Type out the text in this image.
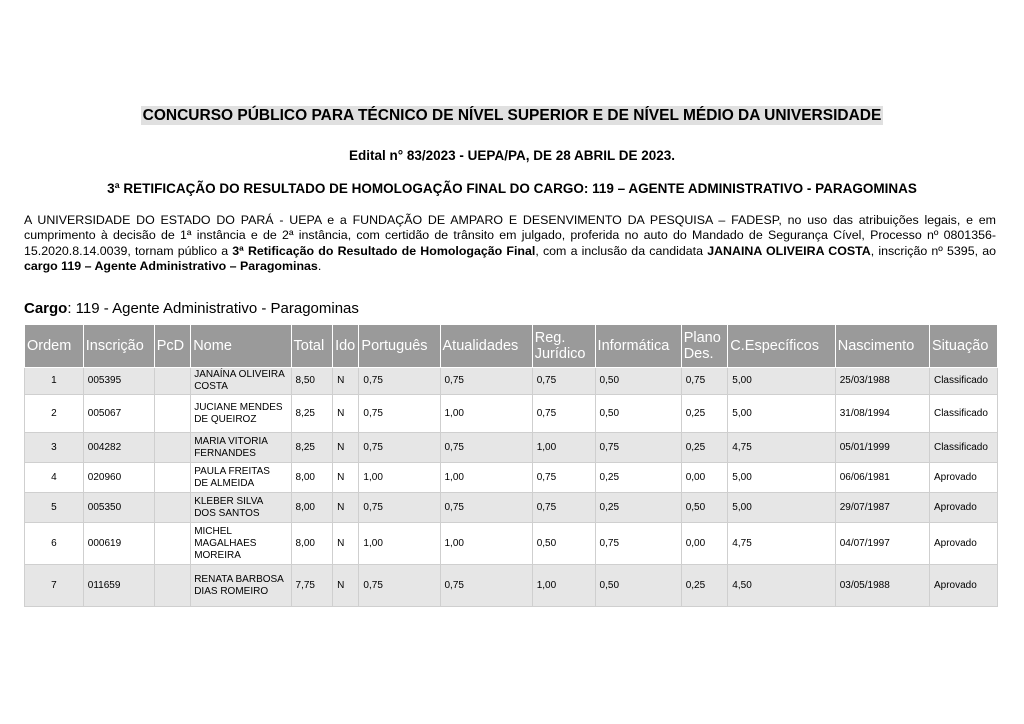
CONCURSO PÚBLICO PARA TÉCNICO DE NÍVEL SUPERIOR E DE NÍVEL MÉDIO DA UNIVERSIDADE
Edital n° 83/2023 - UEPA/PA, DE 28 ABRIL DE 2023.
3ª RETIFICAÇÃO DO RESULTADO DE HOMOLOGAÇÃO FINAL DO CARGO: 119 – AGENTE ADMINISTRATIVO - PARAGOMINAS
A UNIVERSIDADE DO ESTADO DO PARÁ - UEPA e a FUNDAÇÃO DE AMPARO E DESENVIMENTO DA PESQUISA – FADESP, no uso das atribuições legais, e em cumprimento à decisão de 1ª instância e de 2ª instância, com certidão de trânsito em julgado, proferida no auto do Mandado de Segurança Cível, Processo nº 0801356-15.2020.8.14.0039, tornam público a 3ª Retificação do Resultado de Homologação Final, com a inclusão da candidata JANAINA OLIVEIRA COSTA, inscrição nº 5395, ao cargo 119 – Agente Administrativo – Paragominas.
Cargo: 119 - Agente Administrativo - Paragominas
Ordem	Inscrição	PcD	Nome	Total	Ido	Português	Atualidades	Reg. Jurídico	Informática	Plano Des.	C.Específicos	Nascimento	Situação
1	005395		JANAÍNA OLIVEIRA COSTA	8,50	N	0,75	0,75	0,75	0,50	0,75	5,00	25/03/1988	Classificado
2	005067		JUCIANE MENDES DE QUEIROZ	8,25	N	0,75	1,00	0,75	0,50	0,25	5,00	31/08/1994	Classificado
3	004282		MARIA VITORIA FERNANDES	8,25	N	0,75	0,75	1,00	0,75	0,25	4,75	05/01/1999	Classificado
4	020960		PAULA FREITAS DE ALMEIDA	8,00	N	1,00	1,00	0,75	0,25	0,00	5,00	06/06/1981	Aprovado
5	005350		KLEBER SILVA DOS SANTOS	8,00	N	0,75	0,75	0,75	0,25	0,50	5,00	29/07/1987	Aprovado
6	000619		MICHEL MAGALHAES MOREIRA	8,00	N	1,00	1,00	0,50	0,75	0,00	4,75	04/07/1997	Aprovado
7	011659		RENATA BARBOSA DIAS ROMEIRO	7,75	N	0,75	0,75	1,00	0,50	0,25	4,50	03/05/1988	Aprovado
